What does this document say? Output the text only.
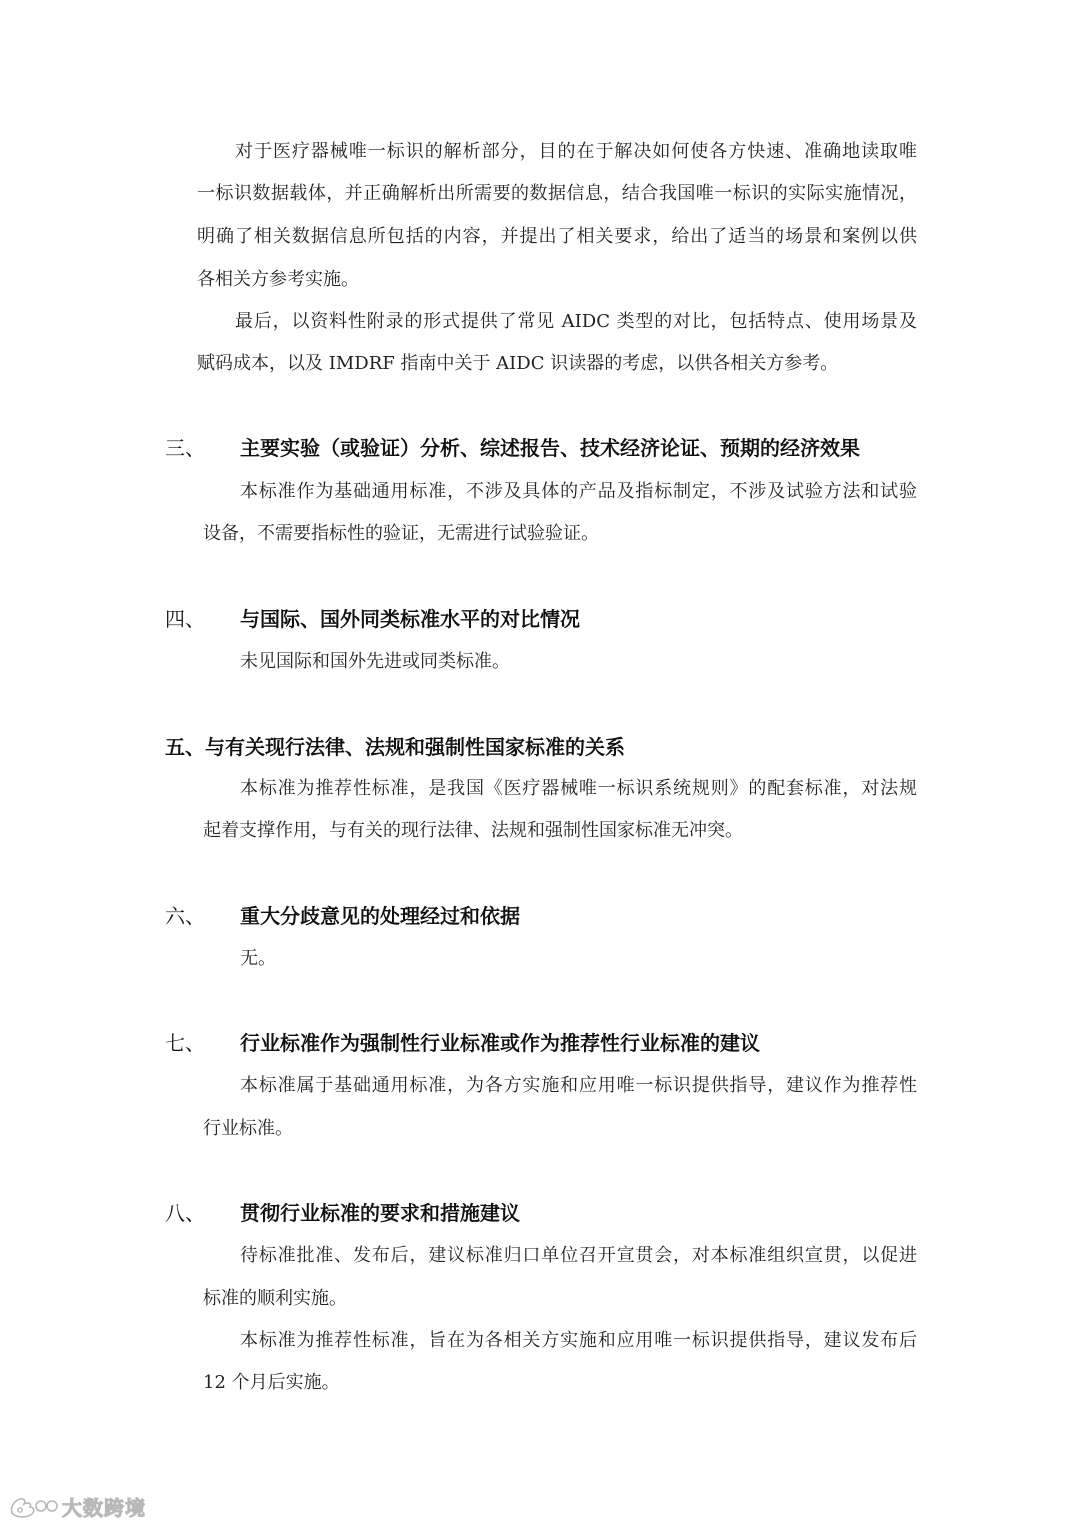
对于医疗器械唯一标识的解析部分，目的在于解决如何使各方快速、准确地读取唯

一标识数据载体，并正确解析出所需要的数据信息，结合我国唯一标识的实际实施情况，

明确了相关数据信息所包括的内容，并提出了相关要求，给出了适当的场景和案例以供

各相关方参考实施。

最后，以资料性附录的形式提供了常见 AIDC 类型的对比，包括特点、使用场景及

赋码成本，以及 IMDRF 指南中关于 AIDC 识读器的考虑，以供各相关方参考。

三、 主要实验（或验证）分析、综述报告、技术经济论证、预期的经济效果

本标准作为基础通用标准，不涉及具体的产品及指标制定，不涉及试验方法和试验

设备，不需要指标性的验证，无需进行试验验证。

四、 与国际、国外同类标准水平的对比情况

未见国际和国外先进或同类标准。

五、与有关现行法律、法规和强制性国家标准的关系

本标准为推荐性标准，是我国《医疗器械唯一标识系统规则》的配套标准，对法规

起着支撑作用，与有关的现行法律、法规和强制性国家标准无冲突。

六、 重大分歧意见的处理经过和依据

无。

七、 行业标准作为强制性行业标准或作为推荐性行业标准的建议

本标准属于基础通用标准，为各方实施和应用唯一标识提供指导，建议作为推荐性

行业标准。

八、 贯彻行业标准的要求和措施建议

待标准批准、发布后，建议标准归口单位召开宣贯会，对本标准组织宣贯，以促进

标准的顺利实施。

本标准为推荐性标准，旨在为各相关方实施和应用唯一标识提供指导，建议发布后

12 个月后实施。

大数跨境
